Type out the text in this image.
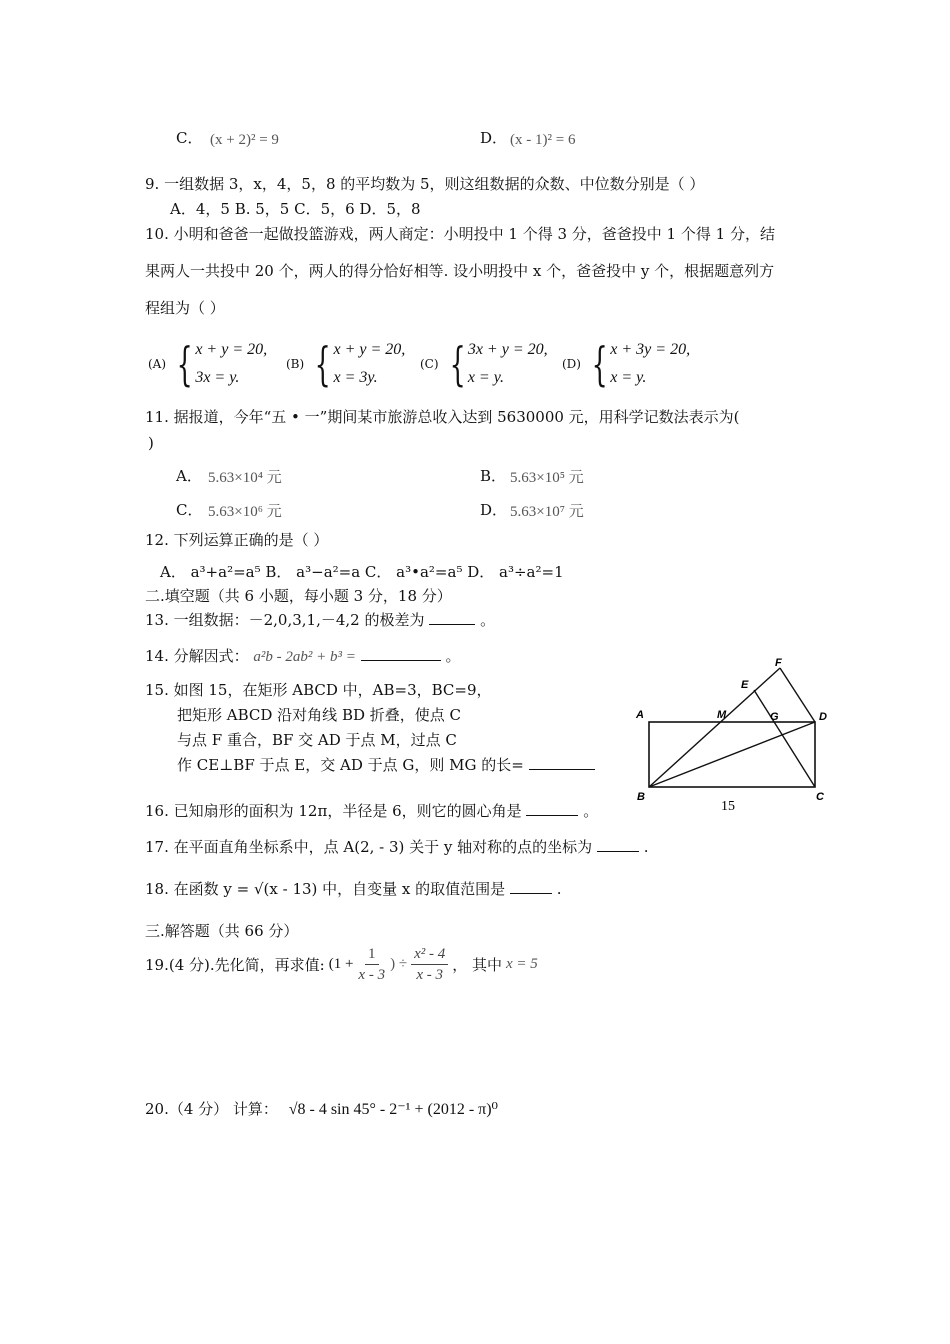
C． (x + 2)² = 9	D． (x - 1)² = 6
9. 一组数据 3，x，4，5，8 的平均数为 5，则这组数据的众数、中位数分别是（ ）
A．4，5 B. 5，5 C．5，6 D．5，8
10. 小明和爸爸一起做投篮游戏，两人商定：小明投中 1 个得 3 分，爸爸投中 1 个得 1 分，结
果两人一共投中 20 个，两人的得分恰好相等. 设小明投中 x 个，爸爸投中 y 个，根据题意列方
程组为（ ）
(A) { x + y = 20,
3x = y.
(B) { x + y = 20,
x = 3y.
(C) { 3x + y = 20,
x = y.
(D) { x + 3y = 20,
x = y.
11. 据报道，今年“五 • 一”期间某市旅游总收入达到 5630000 元，用科学记数法表示为(
)
A． 5.63×10⁴ 元	B． 5.63×10⁵ 元
C． 5.63×10⁶ 元	D． 5.63×10⁷ 元
12. 下列运算正确的是（ ）
A． a³+a²=a⁵ B． a³−a²=a C． a³•a²=a⁵ D． a³÷a²=1
二.填空题（共 6 小题，每小题 3 分，18 分）
13. 一组数据：－2,0,3,1,－4,2 的极差为	。
14. 分解因式： a²b - 2ab² + b³ =	。
15. 如图 15，在矩形 ABCD 中，AB=3，BC=9，
把矩形 ABCD 沿对角线 BD 折叠，使点 C
与点 F 重合，BF 交 AD 于点 M，过点 C
作 CE⊥BF 于点 E，交 AD 于点 G，则 MG 的长=
A
B	C
D
E
F
G
M
15
16. 已知扇形的面积为 12π，半径是 6，则它的圆心角是	。
17. 在平面直角坐标系中，点 A(2, - 3) 关于 y 轴对称的点的坐标为	.
18. 在函数 y = √(x - 13) 中，自变量 x 的取值范围是	.
三.解答题（共 66 分）
19.(4 分).先化简，再求值: ($1 + \frac{1}{x - 3}$ ) ÷ $\frac{\text{x² - 4}}{x - 3}$ ， 其中 x = 5
20.（4 分） 计算： √8 - 4 sin 45° - 2⁻¹ + (2012 - π)⁰
